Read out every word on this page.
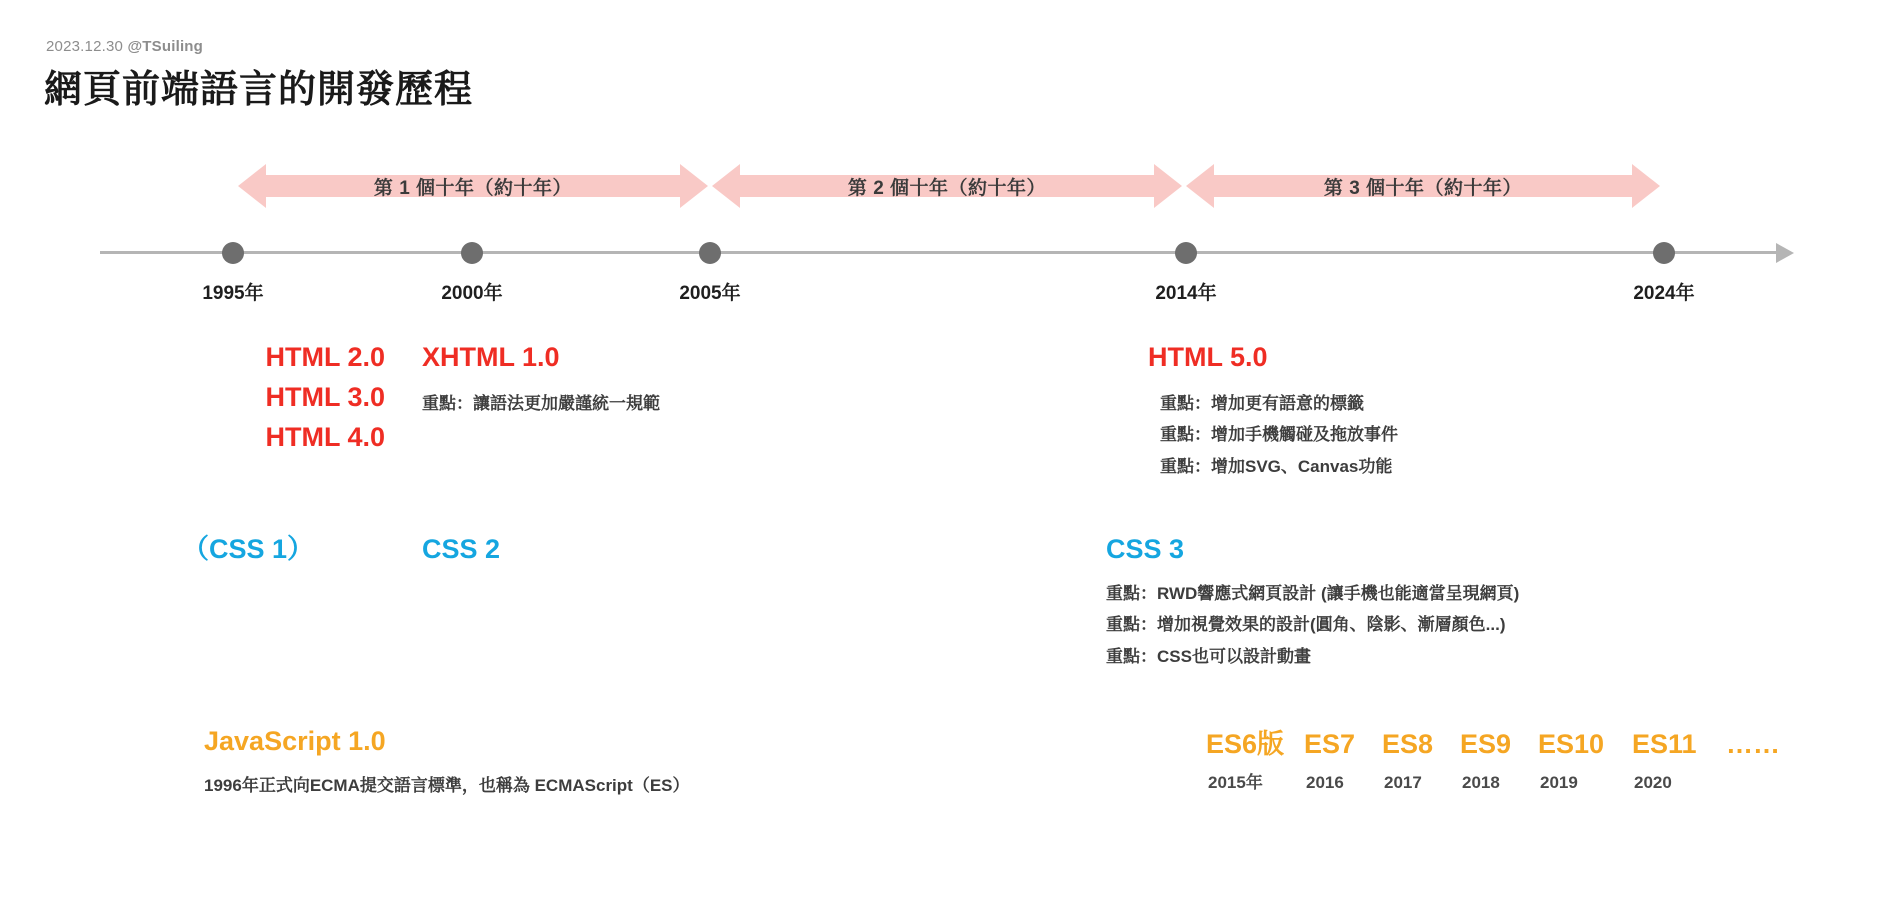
2023.12.30 @TSuiling
網頁前端語言的開發歷程
第 1 個十年（約十年）	第 2 個十年（約十年）	第 3 個十年（約十年）
1995年	2000年	2005年	2014年	2024年
HTML 2.0
HTML 3.0
HTML 4.0
XHTML 1.0
重點：讓語法更加嚴謹統一規範
HTML 5.0
重點：增加更有語意的標籤
重點：增加手機觸碰及拖放事件
重點：增加SVG、Canvas功能
（CSS 1）	CSS 2	CSS 3
重點：RWD響應式網頁設計 (讓手機也能適當呈現網頁)
重點：增加視覺效果的設計(圓角、陰影、漸層顏色...)
重點：CSS也可以設計動畫
JavaScript 1.0
1996年正式向ECMA提交語言標準，也稱為 ECMAScript（ES）
ES6版 ES7 ES8 ES9 ES10	ES11	……
2015年	2016	2017	2018	2019	2020
